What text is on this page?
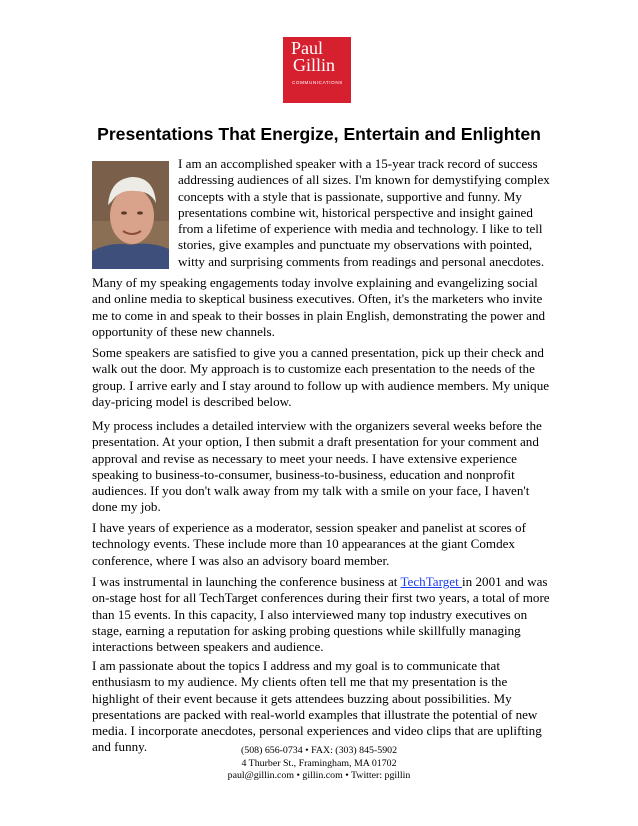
Paul
Gillin
COMMUNICATIONS
Presentations That Energize, Entertain and Enlighten

I am an accomplished speaker with a 15-year track record of success addressing audiences of all sizes. I'm known for demystifying complex concepts with a style that is passionate, supportive and funny. My presentations combine wit, historical perspective and insight gained from a lifetime of experience with media and technology. I like to tell stories, give examples and punctuate my observations with pointed, witty and surprising comments from readings and personal anecdotes.

Many of my speaking engagements today involve explaining and evangelizing social and online media to skeptical business executives. Often, it's the marketers who invite me to come in and speak to their bosses in plain English, demonstrating the power and opportunity of these new channels.

Some speakers are satisfied to give you a canned presentation, pick up their check and walk out the door. My approach is to customize each presentation to the needs of the group. I arrive early and I stay around to follow up with audience members. My unique day-pricing model is described below.

My process includes a detailed interview with the organizers several weeks before the presentation. At your option, I then submit a draft presentation for your comment and approval and revise as necessary to meet your needs. I have extensive experience speaking to business-to-consumer, business-to-business, education and nonprofit audiences. If you don't walk away from my talk with a smile on your face, I haven't done my job.

I have years of experience as a moderator, session speaker and panelist at scores of technology events. These include more than 10 appearances at the giant Comdex conference, where I was also an advisory board member.

I was instrumental in launching the conference business at TechTarget in 2001 and was on-stage host for all TechTarget conferences during their first two years, a total of more than 15 events. In this capacity, I also interviewed many top industry executives on stage, earning a reputation for asking probing questions while skillfully managing interactions between speakers and audience.

I am passionate about the topics I address and my goal is to communicate that enthusiasm to my audience. My clients often tell me that my presentation is the highlight of their event because it gets attendees buzzing about possibilities. My presentations are packed with real-world examples that illustrate the potential of new media. I incorporate anecdotes, personal experiences and video clips that are uplifting and funny.	(508) 656-0734 • FAX: (303) 845-5902
4 Thurber St., Framingham, MA 01702
paul@gillin.com • gillin.com • Twitter: pgillin
